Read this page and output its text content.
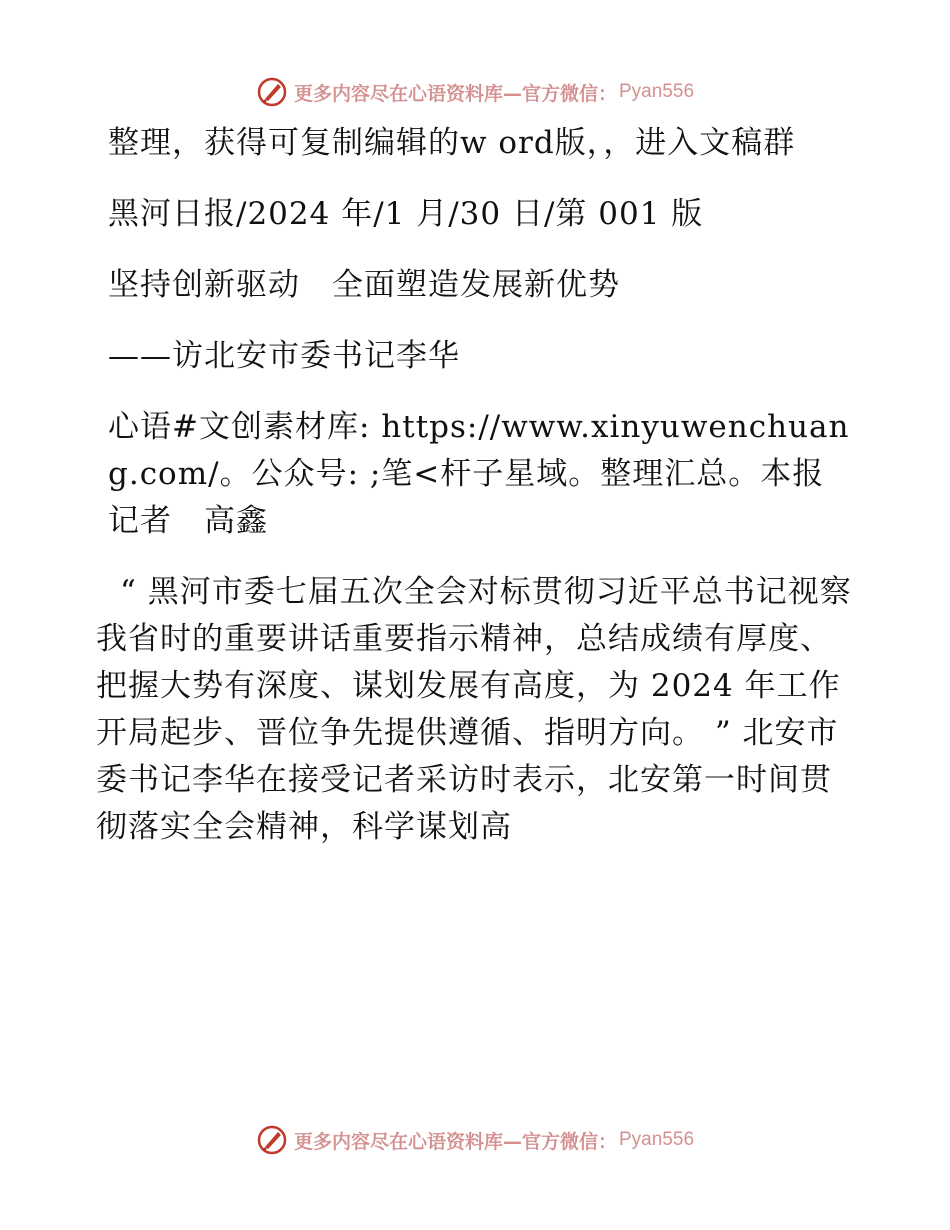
更多内容尽在心语资料库—官方微信： Pyan556

整理，获得可复制编辑的w ord版，，进入文稿群

黑河日报/2024 年/1 月/30 日/第 001 版

坚持创新驱动　全面塑造发展新优势

——访北安市委书记李华

心语#文创素材库: https://www.xinyuwenchuang.com/。公众号: ;笔<杆子星域。整理汇总。本报记者　高鑫

“ 黑河市委七届五次全会对标贯彻习近平总书记视察我省时的重要讲话重要指示精神，总结成绩有厚度、把握大势有深度、谋划发展有高度，为 2024 年工作开局起步、晋位争先提供遵循、指明方向。 ” 北安市委书记李华在接受记者采访时表示，北安第一时间贯彻落实全会精神，科学谋划高

更多内容尽在心语资料库—官方微信： Pyan556
